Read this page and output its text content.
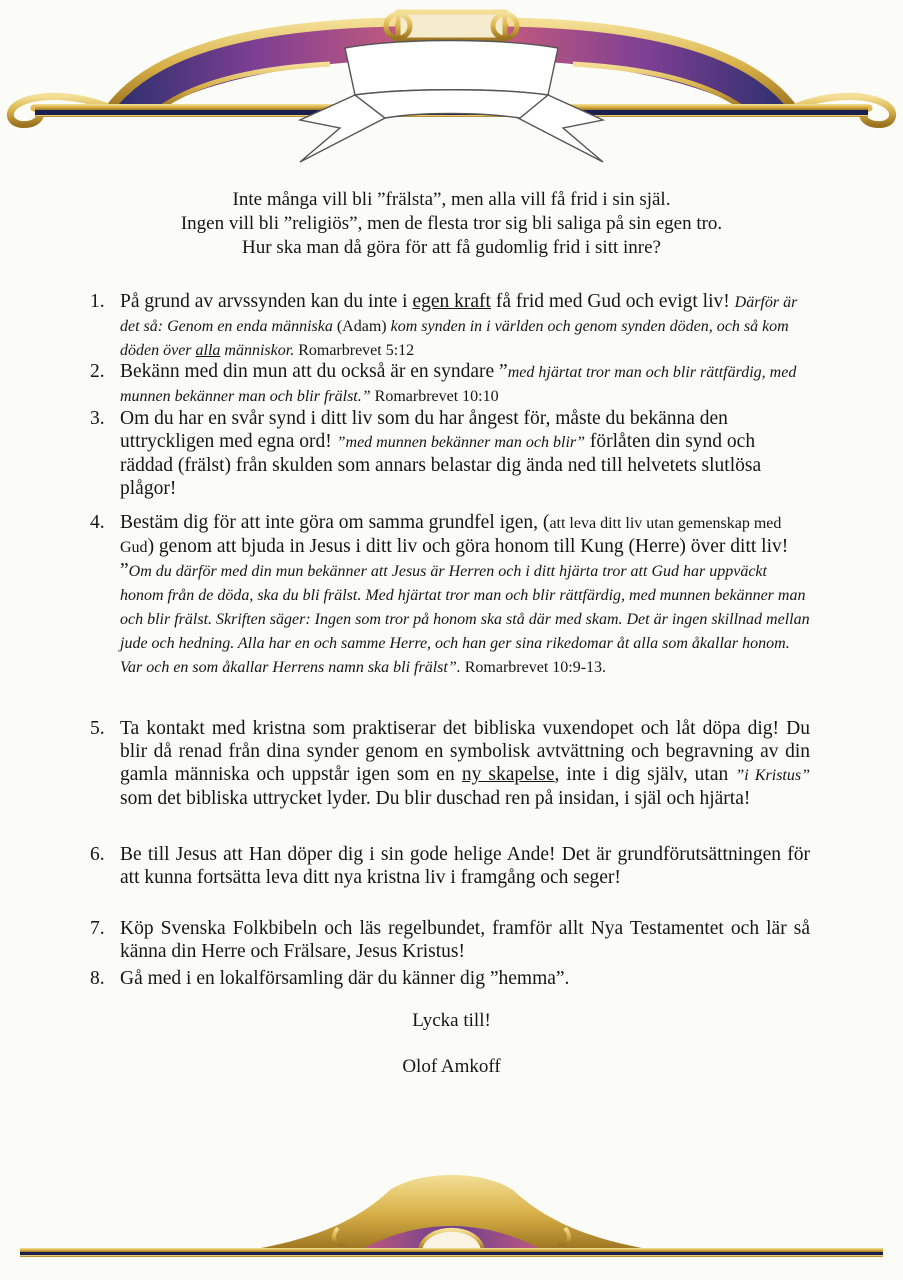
Inte många vill bli ”frälsta”, men alla vill få frid i sin själ.

Ingen vill bli ”religiös”, men de flesta tror sig bli saliga på sin egen tro.

Hur ska man då göra för att få gudomlig frid i sitt inre?

1. På grund av arvssynden kan du inte i egen kraft få frid med Gud och evigt liv! Därför är det så: Genom en enda människa (Adam) kom synden in i världen och genom synden döden, och så kom döden över alla människor. Romarbrevet 5:12
2. Bekänn med din mun att du också är en syndare ”med hjärtat tror man och blir rättfärdig, med munnen bekänner man och blir frälst.” Romarbrevet 10:10
3. Om du har en svår synd i ditt liv som du har ångest för, måste du bekänna den uttryckligen med egna ord! ”med munnen bekänner man och blir” förlåten din synd och räddad (frälst) från skulden som annars belastar dig ända ned till helvetets slutlösa plågor!
4. Bestäm dig för att inte göra om samma grundfel igen, (att leva ditt liv utan gemenskap med Gud) genom att bjuda in Jesus i ditt liv och göra honom till Kung (Herre) över ditt liv! ”Om du därför med din mun bekänner att Jesus är Herren och i ditt hjärta tror att Gud har uppväckt honom från de döda, ska du bli frälst. Med hjärtat tror man och blir rättfärdig, med munnen bekänner man och blir frälst. Skriften säger: Ingen som tror på honom ska stå där med skam. Det är ingen skillnad mellan jude och hedning. Alla har en och samme Herre, och han ger sina rikedomar åt alla som åkallar honom. Var och en som åkallar Herrens namn ska bli frälst”. Romarbrevet 10:9-13.
5. Ta kontakt med kristna som praktiserar det bibliska vuxendopet och låt döpa dig! Du blir då renad från dina synder genom en symbolisk avtvättning och begravning av din gamla människa och uppstår igen som en ny skapelse, inte i dig själv, utan ”i Kristus” som det bibliska uttrycket lyder. Du blir duschad ren på insidan, i själ och hjärta!
6. Be till Jesus att Han döper dig i sin gode helige Ande! Det är grundförutsättningen för att kunna fortsätta leva ditt nya kristna liv i framgång och seger!
7. Köp Svenska Folkbibeln och läs regelbundet, framför allt Nya Testamentet och lär så känna din Herre och Frälsare, Jesus Kristus!
8. Gå med i en lokalförsamling där du känner dig ”hemma”.

Lycka till!

Olof Amkoff
